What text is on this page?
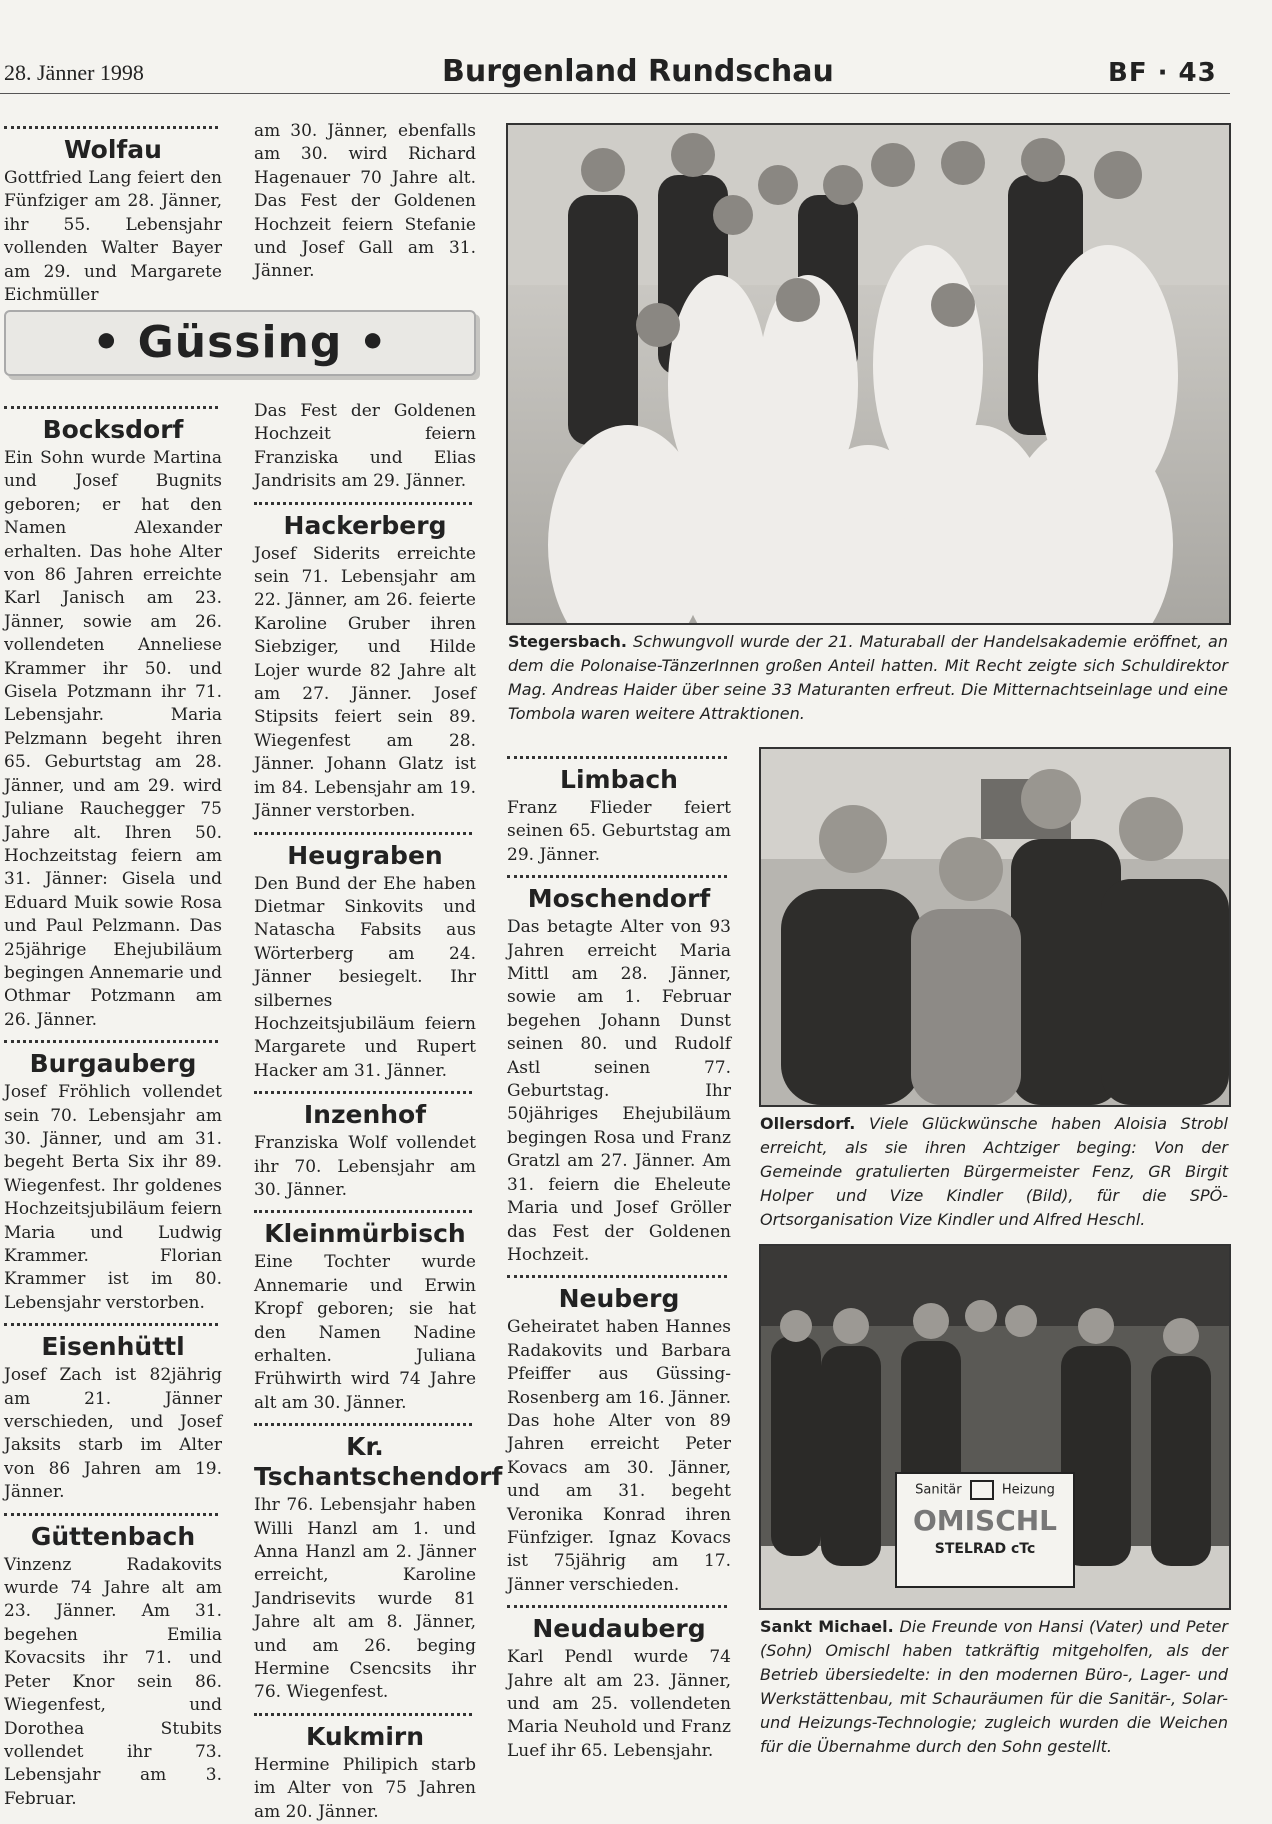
28. Jänner 1998	Burgenland Rundschau	BF · 43
Wolfau
Gottfried Lang feiert den Fünfziger am 28. Jänner, ihr 55. Lebensjahr vollenden Walter Bayer am 29. und Margarete Eichmüller
am 30. Jänner, ebenfalls am 30. wird Richard Hagenauer 70 Jahre alt. Das Fest der Goldenen Hochzeit feiern Stefanie und Josef Gall am 31. Jänner.
• Güssing •
Bocksdorf
Ein Sohn wurde Martina und Josef Bugnits geboren; er hat den Namen Alexander erhalten. Das hohe Alter von 86 Jahren erreichte Karl Janisch am 23. Jänner, sowie am 26. vollendeten Anneliese Krammer ihr 50. und Gisela Potzmann ihr 71. Lebensjahr. Maria Pelzmann begeht ihren 65. Geburtstag am 28. Jänner, und am 29. wird Juliane Rauchegger 75 Jahre alt. Ihren 50. Hochzeitstag feiern am 31. Jänner: Gisela und Eduard Muik sowie Rosa und Paul Pelzmann. Das 25jährige Ehejubiläum begingen Annemarie und Othmar Potzmann am 26. Jänner.
Burgauberg
Josef Fröhlich vollendet sein 70. Lebensjahr am 30. Jänner, und am 31. begeht Berta Six ihr 89. Wiegenfest. Ihr goldenes Hochzeitsjubiläum feiern Maria und Ludwig Krammer. Florian Krammer ist im 80. Lebensjahr verstorben.
Eisenhüttl
Josef Zach ist 82jährig am 21. Jänner verschieden, und Josef Jaksits starb im Alter von 86 Jahren am 19. Jänner.
Güttenbach
Vinzenz Radakovits wurde 74 Jahre alt am 23. Jänner. Am 31. begehen Emilia Kovacsits ihr 71. und Peter Knor sein 86. Wiegenfest, und Dorothea Stubits vollendet ihr 73. Lebensjahr am 3. Februar.
Das Fest der Goldenen Hochzeit feiern Franziska und Elias Jandrisits am 29. Jänner.
Hackerberg
Josef Siderits erreichte sein 71. Lebensjahr am 22. Jänner, am 26. feierte Karoline Gruber ihren Siebziger, und Hilde Lojer wurde 82 Jahre alt am 27. Jänner. Josef Stipsits feiert sein 89. Wiegenfest am 28. Jänner. Johann Glatz ist im 84. Lebensjahr am 19. Jänner verstorben.
Heugraben
Den Bund der Ehe haben Dietmar Sinkovits und Natascha Fabsits aus Wörterberg am 24. Jänner besiegelt. Ihr silbernes Hochzeitsjubiläum feiern Margarete und Rupert Hacker am 31. Jänner.
Inzenhof
Franziska Wolf vollendet ihr 70. Lebensjahr am 30. Jänner.
Kleinmürbisch
Eine Tochter wurde Annemarie und Erwin Kropf geboren; sie hat den Namen Nadine erhalten. Juliana Frühwirth wird 74 Jahre alt am 30. Jänner.
Kr. Tschantschendorf
Ihr 76. Lebensjahr haben Willi Hanzl am 1. und Anna Hanzl am 2. Jänner erreicht, Karoline Jandrisevits wurde 81 Jahre alt am 8. Jänner, und am 26. beging Hermine Csencsits ihr 76. Wiegenfest.
Kukmirn
Hermine Philipich starb im Alter von 75 Jahren am 20. Jänner.
Stegersbach. Schwungvoll wurde der 21. Maturaball der Handelsakademie eröffnet, an dem die Polonaise-TänzerInnen großen Anteil hatten. Mit Recht zeigte sich Schuldirektor Mag. Andreas Haider über seine 33 Maturanten erfreut. Die Mitternachtseinlage und eine Tombola waren weitere Attraktionen.
Limbach
Franz Flieder feiert seinen 65. Geburtstag am 29. Jänner.
Moschendorf
Das betagte Alter von 93 Jahren erreicht Maria Mittl am 28. Jänner, sowie am 1. Februar begehen Johann Dunst seinen 80. und Rudolf Astl seinen 77. Geburtstag. Ihr 50jähriges Ehejubiläum begingen Rosa und Franz Gratzl am 27. Jänner. Am 31. feiern die Eheleute Maria und Josef Gröller das Fest der Goldenen Hochzeit.
Neuberg
Geheiratet haben Hannes Radakovits und Barbara Pfeiffer aus Güssing-Rosenberg am 16. Jänner. Das hohe Alter von 89 Jahren erreicht Peter Kovacs am 30. Jänner, und am 31. begeht Veronika Konrad ihren Fünfziger. Ignaz Kovacs ist 75jährig am 17. Jänner verschieden.
Neudauberg
Karl Pendl wurde 74 Jahre alt am 23. Jänner, und am 25. vollendeten Maria Neuhold und Franz Luef ihr 65. Lebensjahr.
Ollersdorf. Viele Glückwünsche haben Aloisia Strobl erreicht, als sie ihren Achtziger beging: Von der Gemeinde gratulierten Bürgermeister Fenz, GR Birgit Holper und Vize Kindler (Bild), für die SPÖ-Ortsorganisation Vize Kindler und Alfred Heschl.
Sanitär	Heizung
OMISCHL
STELRAD cTc
Sankt Michael. Die Freunde von Hansi (Vater) und Peter (Sohn) Omischl haben tatkräftig mitgeholfen, als der Betrieb übersiedelte: in den modernen Büro-, Lager- und Werkstättenbau, mit Schauräumen für die Sanitär-, Solar- und Heizungs-Technologie; zugleich wurden die Weichen für die Übernahme durch den Sohn gestellt.
